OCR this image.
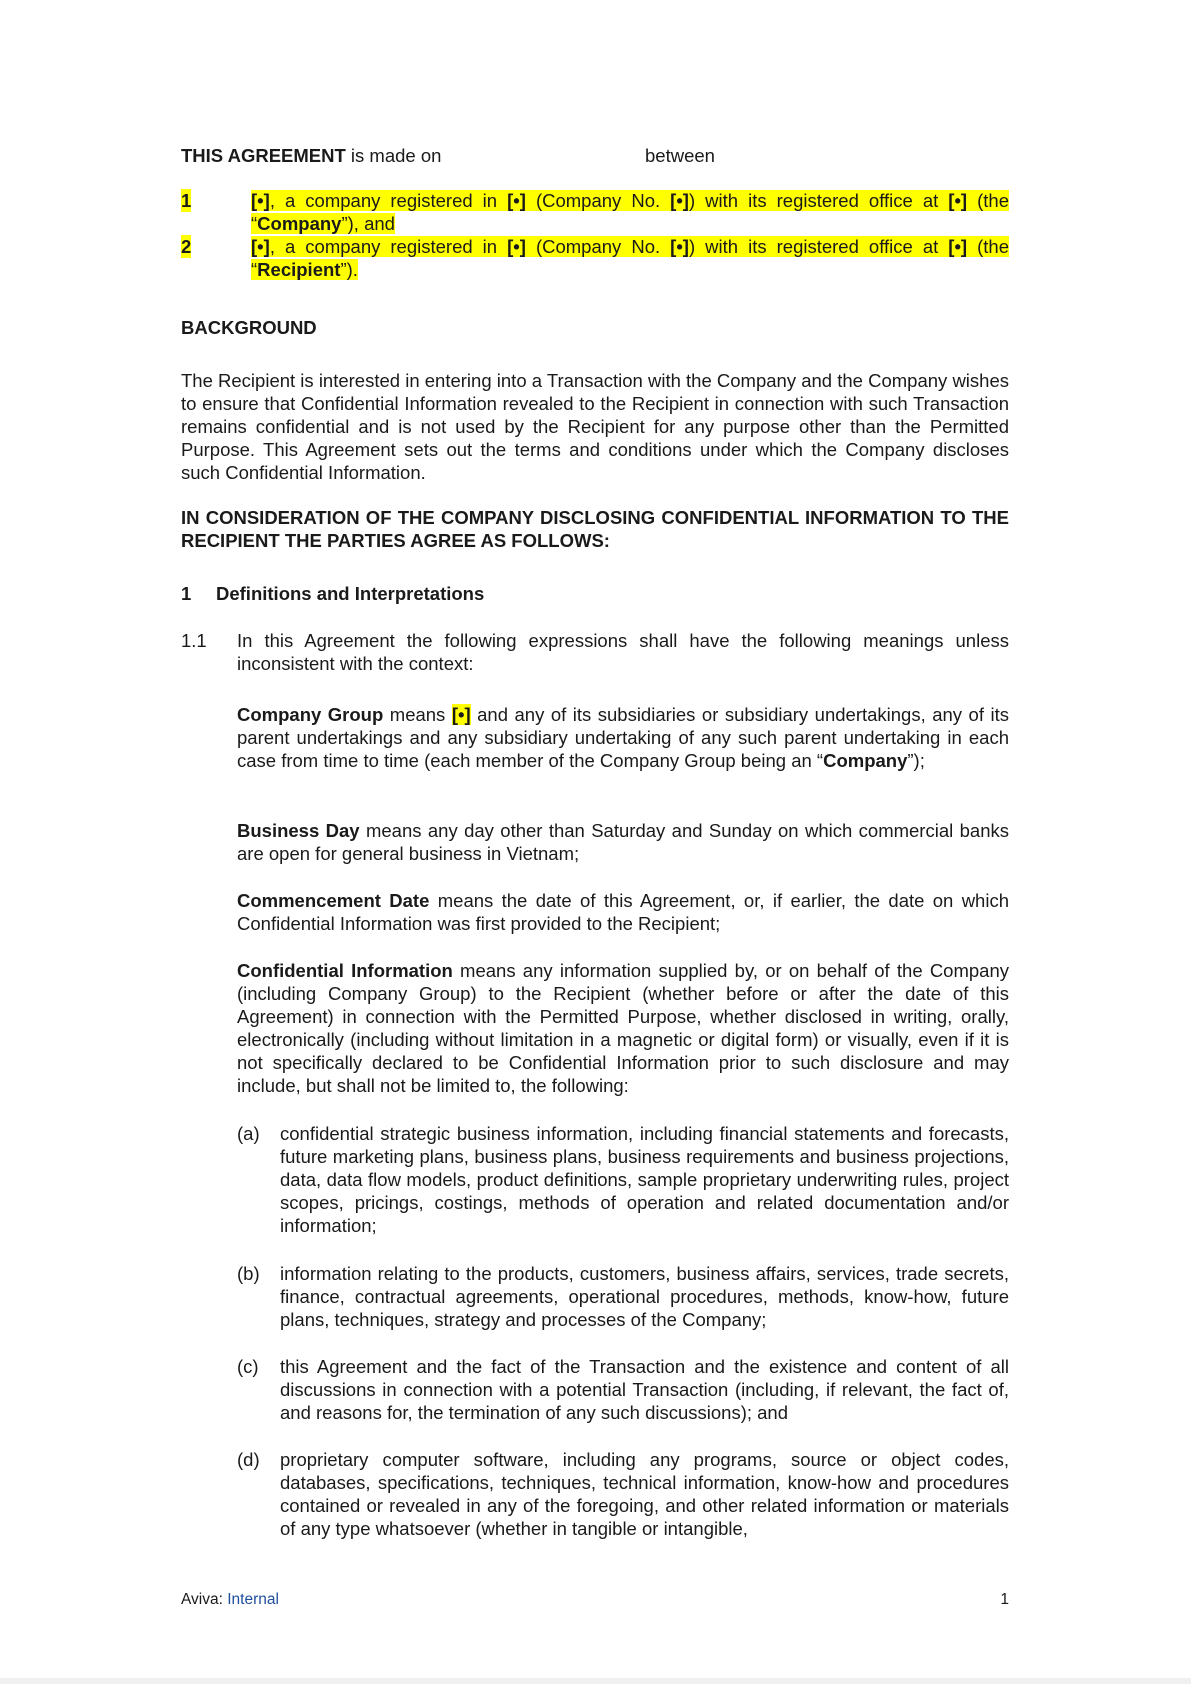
THIS AGREEMENT is made on	between
1	[•], a company registered in [•] (Company No. [•]) with its registered office at [•] (the “Company”), and
2	[•], a company registered in [•] (Company No. [•]) with its registered office at [•] (the “Recipient”).
BACKGROUND
The Recipient is interested in entering into a Transaction with the Company and the Company wishes to ensure that Confidential Information revealed to the Recipient in connection with such Transaction remains confidential and is not used by the Recipient for any purpose other than the Permitted Purpose. This Agreement sets out the terms and conditions under which the Company discloses such Confidential Information.
IN CONSIDERATION OF THE COMPANY DISCLOSING CONFIDENTIAL INFORMATION TO THE RECIPIENT THE PARTIES AGREE AS FOLLOWS:
1 Definitions and Interpretations
1.1 In this Agreement the following expressions shall have the following meanings unless inconsistent with the context:
Company Group means [•] and any of its subsidiaries or subsidiary undertakings, any of its parent undertakings and any subsidiary undertaking of any such parent undertaking in each case from time to time (each member of the Company Group being an “Company”);
Business Day means any day other than Saturday and Sunday on which commercial banks are open for general business in Vietnam;
Commencement Date means the date of this Agreement, or, if earlier, the date on which Confidential Information was first provided to the Recipient;
Confidential Information means any information supplied by, or on behalf of the Company (including Company Group) to the Recipient (whether before or after the date of this Agreement) in connection with the Permitted Purpose, whether disclosed in writing, orally, electronically (including without limitation in a magnetic or digital form) or visually, even if it is not specifically declared to be Confidential Information prior to such disclosure and may include, but shall not be limited to, the following:
(a) confidential strategic business information, including financial statements and forecasts, future marketing plans, business plans, business requirements and business projections, data, data flow models, product definitions, sample proprietary underwriting rules, project scopes, pricings, costings, methods of operation and related documentation and/or information;
(b) information relating to the products, customers, business affairs, services, trade secrets, finance, contractual agreements, operational procedures, methods, know-how, future plans, techniques, strategy and processes of the Company;
(c) this Agreement and the fact of the Transaction and the existence and content of all discussions in connection with a potential Transaction (including, if relevant, the fact of, and reasons for, the termination of any such discussions); and
(d) proprietary computer software, including any programs, source or object codes, databases, specifications, techniques, technical information, know-how and procedures contained or revealed in any of the foregoing, and other related information or materials of any type whatsoever (whether in tangible or intangible,
Aviva: Internal	1
